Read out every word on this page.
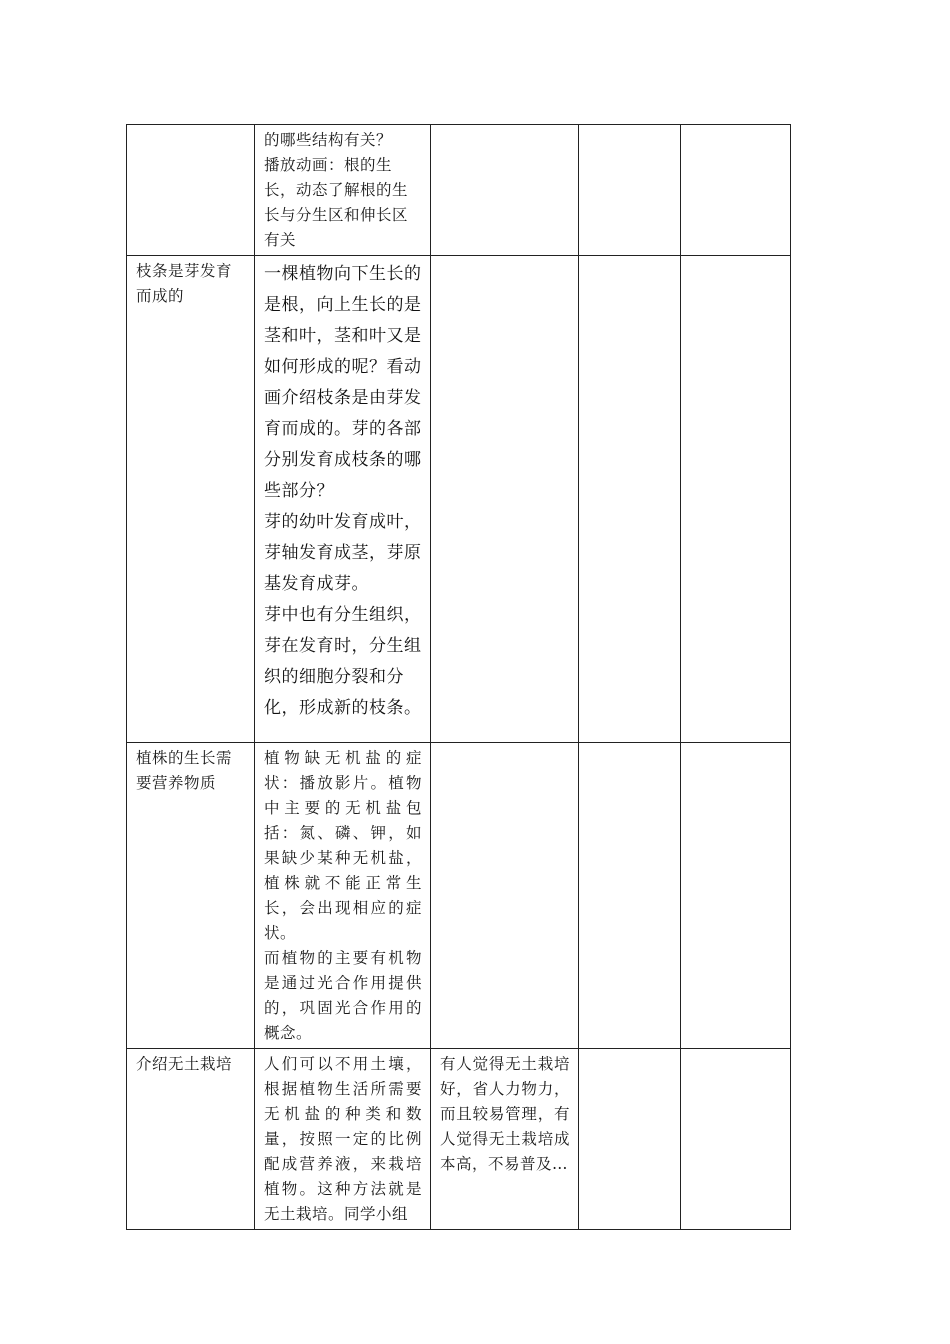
	的哪些结构有关？

播放动画：根的生长，动态了解根的生长与分生区和伸长区有关			

枝条是芽发育而成的	一棵植物向下生长的是根，向上生长的是茎和叶，茎和叶又是如何形成的呢？看动画介绍枝条是由芽发育而成的。芽的各部分别发育成枝条的哪些部分？

芽的幼叶发育成叶，芽轴发育成茎，芽原基发育成芽。

芽中也有分生组织，芽在发育时，分生组织的细胞分裂和分化，形成新的枝条。			

植株的生长需要营养物质	植物缺无机盐的症状：播放影片。植物中主要的无机盐包括：氮、磷、钾，如果缺少某种无机盐，植株就不能正常生长，会出现相应的症状。

而植物的主要有机物是通过光合作用提供的，巩固光合作用的概念。			

介绍无土栽培	人们可以不用土壤，根据植物生活所需要无机盐的种类和数量，按照一定的比例配成营养液，来栽培植物。这种方法就是无土栽培。同学小组	有人觉得无土栽培好，省人力物力，而且较易管理，有人觉得无土栽培成本高，不易普及…		
